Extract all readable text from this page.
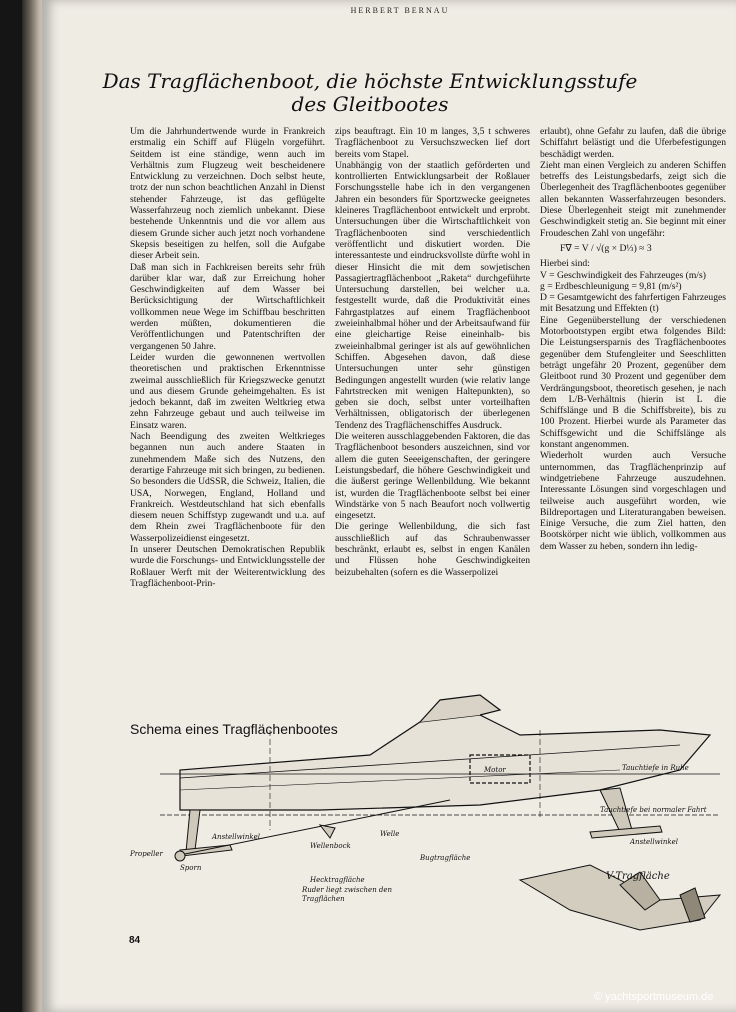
HERBERT BERNAU
Das Tragflächenboot, die höchste Entwicklungsstufe des Gleitbootes

Um die Jahrhundertwende wurde in Frankreich erstmalig ein Schiff auf Flügeln vorgeführt. Seitdem ist eine ständige, wenn auch im Verhältnis zum Flugzeug weit bescheidenere Entwicklung zu verzeichnen. Doch selbst heute, trotz der nun schon beachtlichen Anzahl in Dienst stehender Fahrzeuge, ist das geflügelte Wasserfahrzeug noch ziemlich unbekannt. Diese bestehende Unkenntnis und die vor allem aus diesem Grunde sicher auch jetzt noch vorhandene Skepsis beseitigen zu helfen, soll die Aufgabe dieser Arbeit sein.

Daß man sich in Fachkreisen bereits sehr früh darüber klar war, daß zur Erreichung hoher Geschwindigkeiten auf dem Wasser bei Berücksichtigung der Wirtschaftlichkeit vollkommen neue Wege im Schiffbau beschritten werden müßten, dokumentieren die Veröffentlichungen und Patentschriften der vergangenen 50 Jahre.

Leider wurden die gewonnenen wertvollen theoretischen und praktischen Erkenntnisse zweimal ausschließlich für Kriegszwecke genutzt und aus diesem Grunde geheimgehalten. Es ist jedoch bekannt, daß im zweiten Weltkrieg etwa zehn Fahrzeuge gebaut und auch teilweise im Einsatz waren.

Nach Beendigung des zweiten Weltkrieges begannen nun auch andere Staaten in zunehmendem Maße sich des Nutzens, den derartige Fahrzeuge mit sich bringen, zu bedienen. So besonders die UdSSR, die Schweiz, Italien, die USA, Norwegen, England, Holland und Frankreich. Westdeutschland hat sich ebenfalls diesem neuen Schiffstyp zugewandt und u.a. auf dem Rhein zwei Tragflächenboote für den Wasserpolizeidienst eingesetzt.

In unserer Deutschen Demokratischen Republik wurde die Forschungs- und Entwicklungsstelle der Roßlauer Werft mit der Weiterentwicklung des Tragflächenboot-Prin-

zips beauftragt. Ein 10 m langes, 3,5 t schweres Tragflächenboot zu Versuchszwecken lief dort bereits vom Stapel.

Unabhängig von der staatlich geförderten und kontrollierten Entwicklungsarbeit der Roßlauer Forschungsstelle habe ich in den vergangenen Jahren ein besonders für Sportzwecke geeignetes kleineres Tragflächenboot entwickelt und erprobt. Untersuchungen über die Wirtschaftlichkeit von Tragflächenbooten sind verschiedentlich veröffentlicht und diskutiert worden. Die interessanteste und eindrucksvollste dürfte wohl in dieser Hinsicht die mit dem sowjetischen Passagiertragflächenboot „Raketa“ durchgeführte Untersuchung darstellen, bei welcher u.a. festgestellt wurde, daß die Produktivität eines Fahrgastplatzes auf einem Tragflächenboot zweieinhalbmal höher und der Arbeitsaufwand für eine gleichartige Reise eineinhalb- bis zweieinhalbmal geringer ist als auf gewöhnlichen Schiffen. Abgesehen davon, daß diese Untersuchungen unter sehr günstigen Bedingungen angestellt wurden (wie relativ lange Fahrtstrecken mit wenigen Haltepunkten), so geben sie doch, selbst unter vorteilhaften Verhältnissen, obligatorisch der überlegenen Tendenz des Tragflächenschiffes Ausdruck.

Die weiteren ausschlaggebenden Faktoren, die das Tragflächenboot besonders auszeichnen, sind vor allem die guten Seeeigenschaften, der geringere Leistungsbedarf, die höhere Geschwindigkeit und die äußerst geringe Wellenbildung. Wie bekannt ist, wurden die Tragflächenboote selbst bei einer Windstärke von 5 nach Beaufort noch vollwertig eingesetzt.

Die geringe Wellenbildung, die sich fast ausschließlich auf das Schraubenwasser beschränkt, erlaubt es, selbst in engen Kanälen und Flüssen hohe Geschwindigkeiten beizubehalten (sofern es die Wasserpolizei

erlaubt), ohne Gefahr zu laufen, daß die übrige Schiffahrt belästigt und die Uferbefestigungen beschädigt werden.

Zieht man einen Vergleich zu anderen Schiffen betreffs des Leistungsbedarfs, zeigt sich die Überlegenheit des Tragflächenbootes gegenüber allen bekannten Wasserfahrzeugen besonders. Diese Überlegenheit steigt mit zunehmender Geschwindigkeit stetig an. Sie beginnt mit einer Froudeschen Zahl von ungefähr:

F∇ = V / √(g × D⅓) ≈ 3

Hierbei sind:

V = Geschwindigkeit des Fahrzeuges (m/s)

g = Erdbeschleunigung = 9,81 (m/s²)

D = Gesamtgewicht des fahrfertigen Fahrzeuges mit Besatzung und Effekten (t)

Eine Gegenüberstellung der verschiedenen Motorbootstypen ergibt etwa folgendes Bild: Die Leistungsersparnis des Tragflächenbootes gegenüber dem Stufengleiter und Seeschlitten beträgt ungefähr 20 Prozent, gegenüber dem Gleitboot rund 30 Prozent und gegenüber dem Verdrängungsboot, theoretisch gesehen, je nach dem L/B-Verhältnis (hierin ist L die Schiffslänge und B die Schiffsbreite), bis zu 100 Prozent. Hierbei wurde als Parameter das Schiffsgewicht und die Schiffslänge als konstant angenommen.

Wiederholt wurden auch Versuche unternommen, das Tragflächenprinzip auf windgetriebene Fahrzeuge auszudehnen. Interessante Lösungen sind vorgeschlagen und teilweise auch ausgeführt worden, wie Bildreportagen und Literaturangaben beweisen. Einige Versuche, die zum Ziel hatten, den Bootskörper nicht wie üblich, vollkommen aus dem Wasser zu heben, sondern ihn ledig-

Schema eines Tragflächenbootes
Motor	Tauchtiefe in Ruhe
Tauchtiefe bei normaler Fahrt
Welle
Anstellwinkel
Anstellwinkel
Wellenbock
Propeller
Sporn
Bugtragfläche
Hecktragfläche
Ruder liegt zwischen den
Tragflächen
V-Tragfläche
84
© yachtsportmuseum.de
